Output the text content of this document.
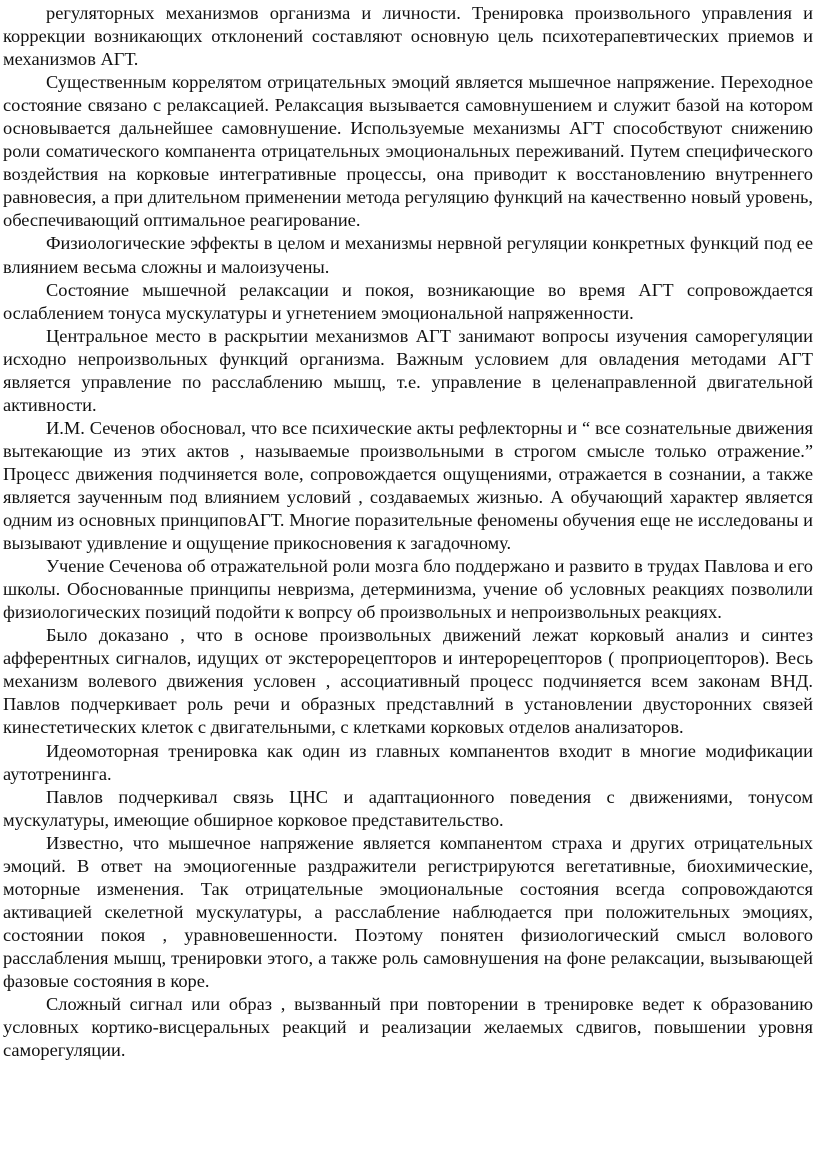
регуляторных механизмов организма и личности. Тренировка произвольного управления и коррекции возникающих отклонений составляют основную цель психотерапевтических приемов и механизмов АГТ.

Существенным коррелятом отрицательных эмоций является мышечное напряжение. Переходное состояние связано с релаксацией. Релаксация вызывается самовнушением и служит базой на котором основывается дальнейшее самовнушение. Используемые механизмы АГТ способствуют снижению роли соматического компанента отрицательных эмоциональных переживаний. Путем специфического воздействия на корковые интегративные процессы, она приводит к восстановлению внутреннего равновесия, а при длительном применении метода регуляцию функций на качественно новый уровень, обеспечивающий оптимальное реагирование.

Физиологические эффекты в целом и механизмы нервной регуляции конкретных функций под ее влиянием весьма сложны и малоизучены.

Состояние мышечной релаксации и покоя, возникающие во время АГТ сопровождается ослаблением тонуса мускулатуры и угнетением эмоциональной напряженности.

Центральное место в раскрытии механизмов АГТ занимают вопросы изучения саморегуляции исходно непроизвольных функций организма. Важным условием для овладения методами АГТ является управление по расслаблению мышц, т.е. управление в целенаправленной двигательной активности.

И.М. Сеченов обосновал, что все психические акты рефлекторны и “ все сознательные движения вытекающие из этих актов , называемые произвольными в строгом смысле только отражение.” Процесс движения подчиняется воле, сопровождается ощущениями, отражается в сознании, а также является заученным под влиянием условий , создаваемых жизнью. А обучающий характер является одним из основных принциповАГТ. Многие поразительные феномены обучения еще не исследованы и вызывают удивление и ощущение прикосновения к загадочному.

Учение Сеченова об отражательной роли мозга бло поддержано и развито в трудах Павлова и его школы. Обоснованные принципы невризма, детерминизма, учение об условных реакциях позволили физиологических позиций подойти к вопрсу об произвольных и непроизвольных реакциях.

Было доказано , что в основе произвольных движений лежат корковый анализ и синтез афферентных сигналов, идущих от экстерорецепторов и интерорецепторов ( проприоцепторов). Весь механизм волевого движения условен , ассоциативный процесс подчиняется всем законам ВНД. Павлов подчеркивает роль речи и образных представлний в установлении двусторонних связей кинестетических клеток с двигательными, с клетками корковых отделов анализаторов.

Идеомоторная тренировка как один из главных компанентов входит в многие модификации аутотренинга.

Павлов подчеркивал связь ЦНС и адаптационного поведения с движениями, тонусом мускулатуры, имеющие обширное корковое представительство.

Известно, что мышечное напряжение является компанентом страха и других отрицательных эмоций. В ответ на эмоциогенные раздражители регистрируются вегетативные, биохимические, моторные изменения. Так отрицательные эмоциональные состояния всегда сопровождаются активацией скелетной мускулатуры, а расслабление наблюдается при положительных эмоциях, состоянии покоя , уравновешенности. Поэтому понятен физиологический смысл волового расслабления мышц, тренировки этого, а также роль самовнушения на фоне релаксации, вызывающей фазовые состояния в коре.

Сложный сигнал или образ , вызванный при повторении в тренировке ведет к образованию условных кортико-висцеральных реакций и реализации желаемых сдвигов, повышении уровня саморегуляции.
